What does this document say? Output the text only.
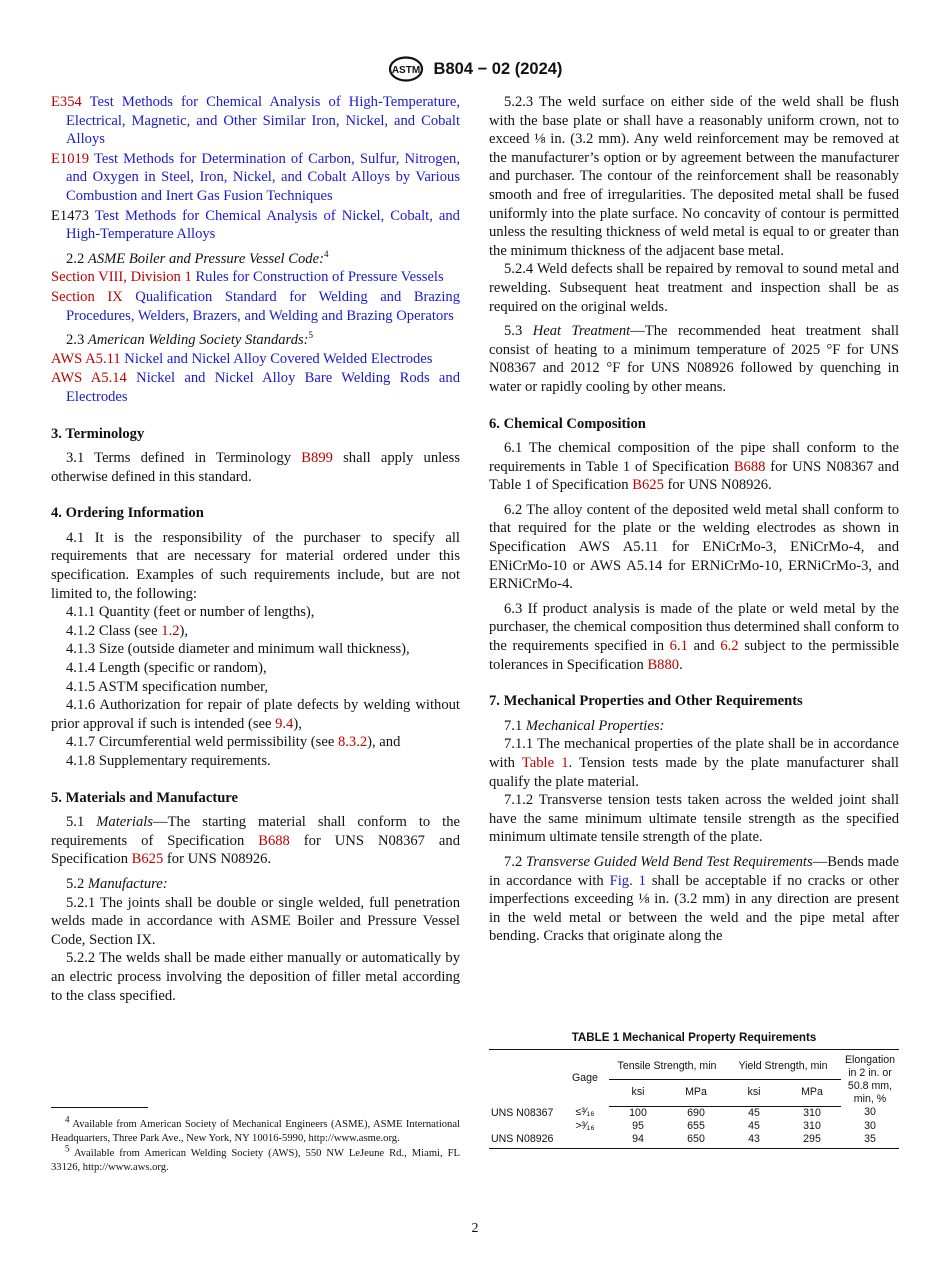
ASTM B804 − 02 (2024)
E354 Test Methods for Chemical Analysis of High-Temperature, Electrical, Magnetic, and Other Similar Iron, Nickel, and Cobalt Alloys
E1019 Test Methods for Determination of Carbon, Sulfur, Nitrogen, and Oxygen in Steel, Iron, Nickel, and Cobalt Alloys by Various Combustion and Inert Gas Fusion Techniques
E1473 Test Methods for Chemical Analysis of Nickel, Cobalt, and High-Temperature Alloys

2.2 ASME Boiler and Pressure Vessel Code:$^4$

Section VIII, Division 1 Rules for Construction of Pressure Vessels
Section IX Qualification Standard for Welding and Brazing Procedures, Welders, Brazers, and Welding and Brazing Operators

2.3 American Welding Society Standards:$^5$

AWS A5.11 Nickel and Nickel Alloy Covered Welded Electrodes
AWS A5.14 Nickel and Nickel Alloy Bare Welding Rods and Electrodes
3. Terminology

3.1 Terms defined in Terminology B899 shall apply unless otherwise defined in this standard.

4. Ordering Information

4.1 It is the responsibility of the purchaser to specify all requirements that are necessary for material ordered under this specification. Examples of such requirements include, but are not limited to, the following:

4.1.1 Quantity (feet or number of lengths),

4.1.2 Class (see 1.2),

4.1.3 Size (outside diameter and minimum wall thickness),

4.1.4 Length (specific or random),

4.1.5 ASTM specification number,

4.1.6 Authorization for repair of plate defects by welding without prior approval if such is intended (see 9.4),

4.1.7 Circumferential weld permissibility (see 8.3.2), and

4.1.8 Supplementary requirements.

5. Materials and Manufacture

5.1 Materials—The starting material shall conform to the requirements of Specification B688 for UNS N08367 and Specification B625 for UNS N08926.

5.2 Manufacture:

5.2.1 The joints shall be double or single welded, full penetration welds made in accordance with ASME Boiler and Pressure Vessel Code, Section IX.

5.2.2 The welds shall be made either manually or automatically by an electric process involving the deposition of filler metal according to the class specified.

5.2.3 The weld surface on either side of the weld shall be flush with the base plate or shall have a reasonably uniform crown, not to exceed ⅛ in. (3.2 mm). Any weld reinforcement may be removed at the manufacturer’s option or by agreement between the manufacturer and purchaser. The contour of the reinforcement shall be reasonably smooth and free of irregularities. The deposited metal shall be fused uniformly into the plate surface. No concavity of contour is permitted unless the resulting thickness of weld metal is equal to or greater than the minimum thickness of the adjacent base metal.

5.2.4 Weld defects shall be repaired by removal to sound metal and rewelding. Subsequent heat treatment and inspection shall be as required on the original welds.

5.3 Heat Treatment—The recommended heat treatment shall consist of heating to a minimum temperature of 2025 °F for UNS N08367 and 2012 °F for UNS N08926 followed by quenching in water or rapidly cooling by other means.

6. Chemical Composition

6.1 The chemical composition of the pipe shall conform to the requirements in Table 1 of Specification B688 for UNS N08367 and Table 1 of Specification B625 for UNS N08926.

6.2 The alloy content of the deposited weld metal shall conform to that required for the plate or the welding electrodes as shown in Specification AWS A5.11 for ENiCrMo-3, ENiCrMo-4, and ENiCrMo-10 or AWS A5.14 for ERNiCrMo-10, ERNiCrMo-3, and ERNiCrMo-4.

6.3 If product analysis is made of the plate or weld metal by the purchaser, the chemical composition thus determined shall conform to the requirements specified in 6.1 and 6.2 subject to the permissible tolerances in Specification B880.

7. Mechanical Properties and Other Requirements

7.1 Mechanical Properties:

7.1.1 The mechanical properties of the plate shall be in accordance with Table 1. Tension tests made by the plate manufacturer shall qualify the plate material.

7.1.2 Transverse tension tests taken across the welded joint shall have the same minimum ultimate tensile strength as the specified minimum ultimate tensile strength of the plate.

7.2 Transverse Guided Weld Bend Test Requirements—Bends made in accordance with Fig. 1 shall be acceptable if no cracks or other imperfections exceeding ⅛ in. (3.2 mm) in any direction are present in the weld metal or between the weld and the pipe metal after bending. Cracks that originate along the

$^4$ Available from American Society of Mechanical Engineers (ASME), ASME International Headquarters, Three Park Ave., New York, NY 10016-5990, http://www.asme.org.

$^5$ Available from American Welding Society (AWS), 550 NW LeJeune Rd., Miami, FL 33126, http://www.aws.org.

TABLE 1 Mechanical Property Requirements
	Gage	Tensile Strength, min		Yield Strength, min		Elongation in 2 in. or 50.8 mm, min, %
		ksi	MPa	ksi	MPa	
UNS N08367	≤³⁄₁₆	100	690	45	310	30
	>³⁄₁₆	95	655	45	310	30
UNS N08926		94	650	43	295	35
2
